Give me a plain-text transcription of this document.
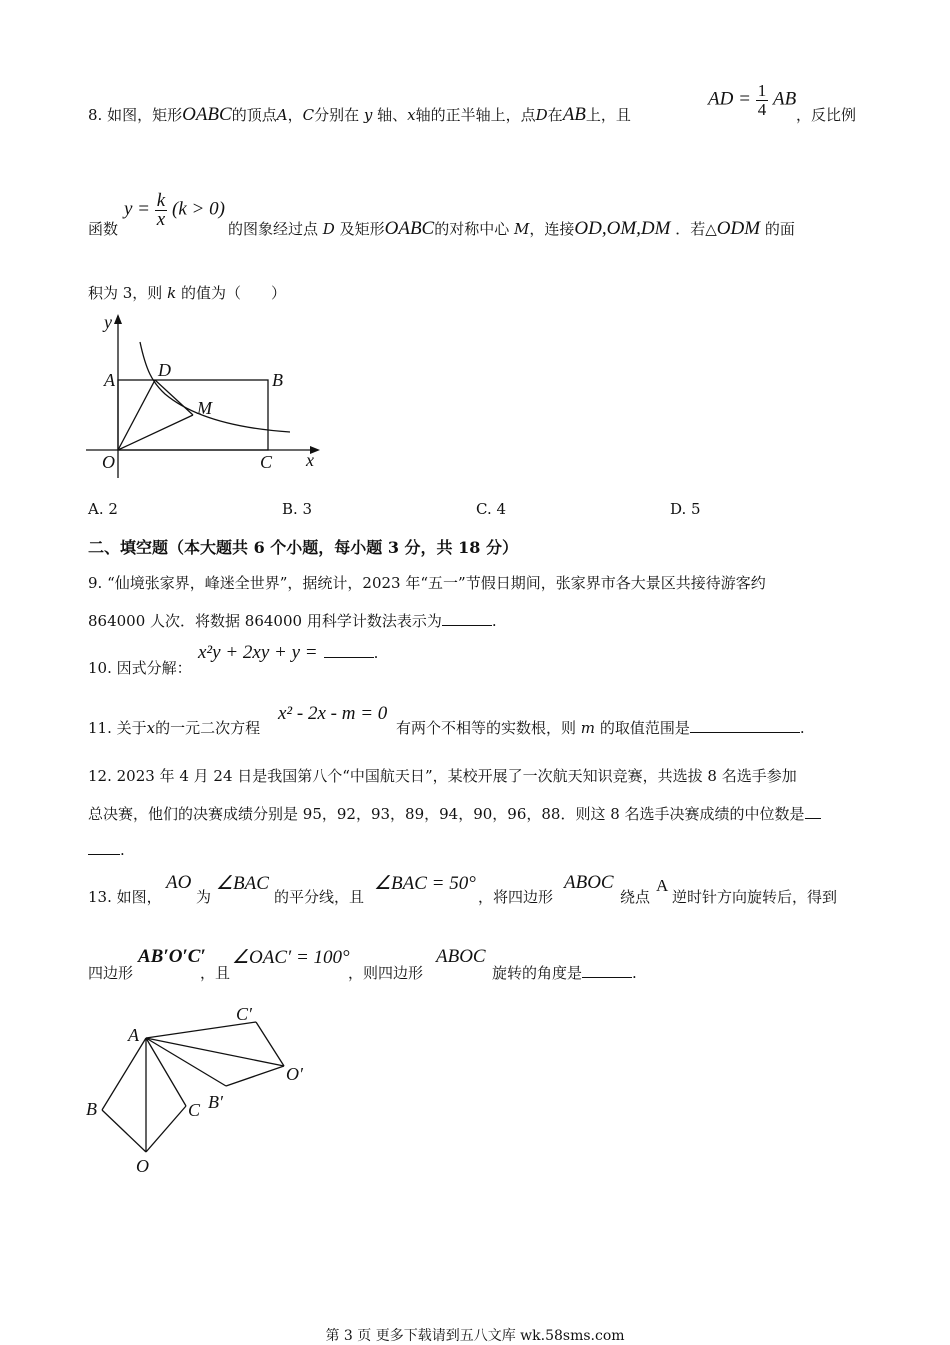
8. 如图，矩形OABC的顶点A，C分别在 y 轴、x轴的正半轴上，点D在AB上，且
AD = $\frac{1}{4}$ AB
，反比例
函数
$y = \frac{k}{x} (k > 0)$
的图象经过点 D 及矩形OABC的对称中心 M，连接OD,OM,DM ．若△ODM 的面
积为 3，则 k 的值为（　　）
y
A D	B
M
O	C x
A. 2	B. 3	C. 4	D. 5
二、填空题（本大题共 6 个小题，每小题 3 分，共 18 分）
9. “仙境张家界，峰迷全世界”，据统计，2023 年“五一”节假日期间，张家界市各大景区共接待游客约
864000 人次．将数据 864000 用科学计数法表示为	.
10. 因式分解：
x²y + 2xy + y =	.
11. 关于x的一元二次方程
x² - 2x - m = 0
有两个不相等的实数根，则 m 的取值范围是	.
12. 2023 年 4 月 24 日是我国第八个“中国航天日”，某校开展了一次航天知识竞赛，共选拔 8 名选手参加
总决赛，他们的决赛成绩分别是 95，92，93，89，94，90，96，88．则这 8 名选手决赛成绩的中位数是
.
13. 如图，
AO
为
∠BAC
的平分线，且
∠BAC = 50°
，将四边形
ABOC
绕点
A
逆时针方向旋转后，得到
四边形
AB′O′C′
，且
∠OAC′ = 100°
，则四边形
ABOC
旋转的角度是	.
A
C′
O′
B′
B	C
O
第 3 页 更多下载请到五八文库 wk.58sms.com
